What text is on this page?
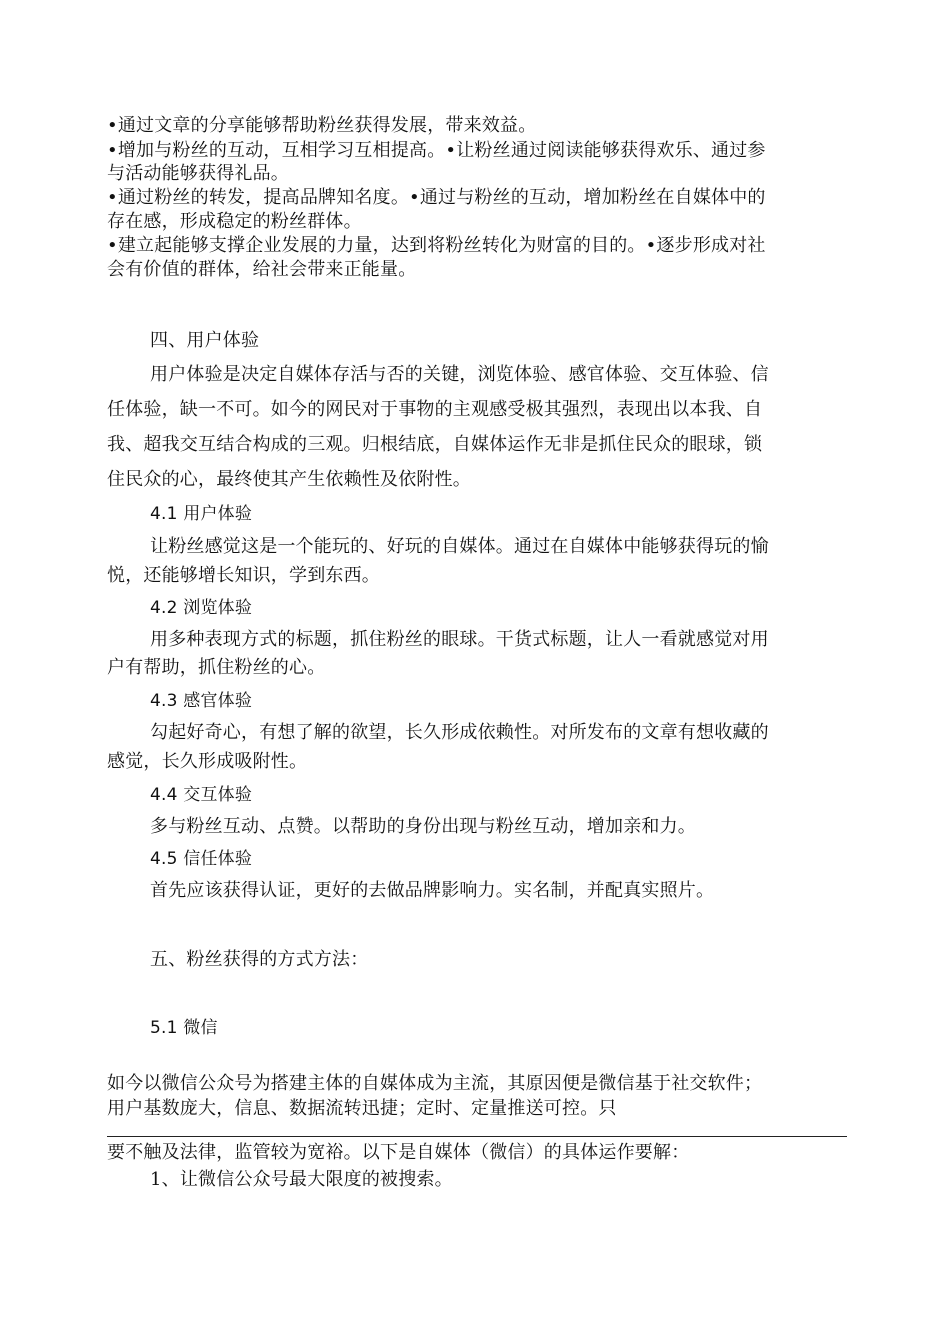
•通过文章的分享能够帮助粉丝获得发展，带来效益。
•增加与粉丝的互动，互相学习互相提高。•让粉丝通过阅读能够获得欢乐、通过参
与活动能够获得礼品。
•通过粉丝的转发，提高品牌知名度。•通过与粉丝的互动，增加粉丝在自媒体中的
存在感，形成稳定的粉丝群体。
•建立起能够支撑企业发展的力量，达到将粉丝转化为财富的目的。•逐步形成对社
会有价值的群体，给社会带来正能量。
四、用户体验
用户体验是决定自媒体存活与否的关键，浏览体验、感官体验、交互体验、信
任体验，缺一不可。如今的网民对于事物的主观感受极其强烈，表现出以本我、自
我、超我交互结合构成的三观。归根结底，自媒体运作无非是抓住民众的眼球，锁
住民众的心，最终使其产生依赖性及依附性。
4.1 用户体验
让粉丝感觉这是一个能玩的、好玩的自媒体。通过在自媒体中能够获得玩的愉
悦，还能够增长知识，学到东西。
4.2 浏览体验
用多种表现方式的标题，抓住粉丝的眼球。干货式标题，让人一看就感觉对用
户有帮助，抓住粉丝的心。
4.3 感官体验
勾起好奇心，有想了解的欲望，长久形成依赖性。对所发布的文章有想收藏的
感觉，长久形成吸附性。
4.4 交互体验
多与粉丝互动、点赞。以帮助的身份出现与粉丝互动，增加亲和力。
4.5 信任体验
首先应该获得认证，更好的去做品牌影响力。实名制，并配真实照片。
五、粉丝获得的方式方法：
5.1 微信
如今以微信公众号为搭建主体的自媒体成为主流，其原因便是微信基于社交软件；
用户基数庞大，信息、数据流转迅捷；定时、定量推送可控。只
要不触及法律，监管较为宽裕。以下是自媒体（微信）的具体运作要解：
1、让微信公众号最大限度的被搜索。
